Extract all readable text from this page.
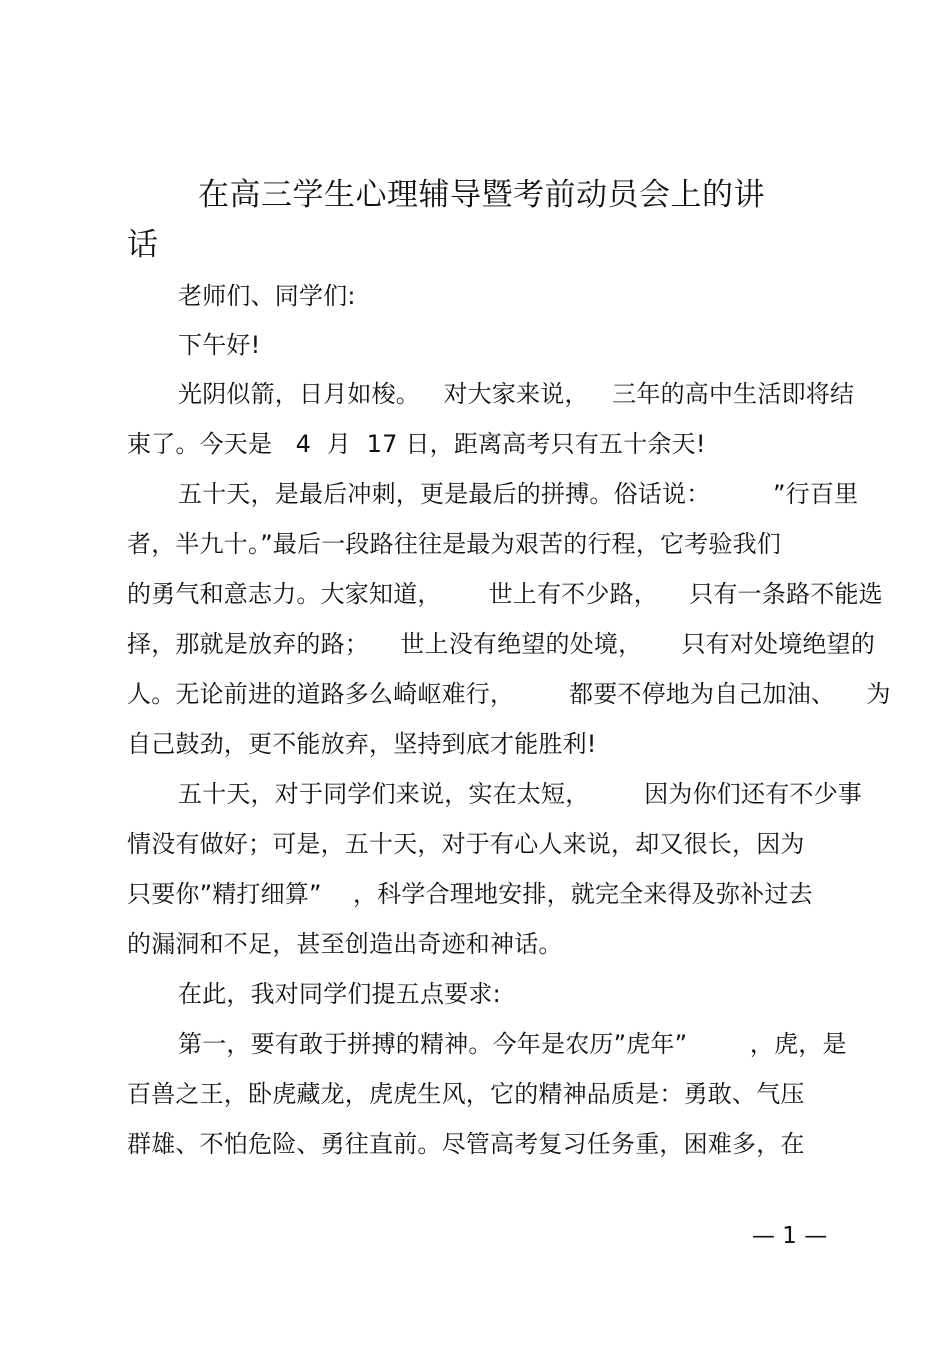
在高三学生心理辅导暨考前动员会上的讲
话
老师们、同学们:
下午好!
光阴似箭，日月如梭。   对大家来说，   三年的高中生活即将结
束了。今天是   4  月  17 日，距离高考只有五十余天!
五十天，是最后冲刺，更是最后的拼搏。俗话说：        ”行百里
者，半九十。”最后一段路往往是最为艰苦的行程，它考验我们
的勇气和意志力。大家知道，      世上有不少路，    只有一条路不能选
择，那就是放弃的路；    世上没有绝望的处境，     只有对处境绝望的
人。无论前进的道路多么崎岖难行，       都要不停地为自己加油、    为
自己鼓劲，更不能放弃，坚持到底才能胜利!
五十天，对于同学们来说，实在太短，       因为你们还有不少事
情没有做好；可是，五十天，对于有心人来说，却又很长，因为
只要你”精打细算”    ，科学合理地安排，就完全来得及弥补过去
的漏洞和不足，甚至创造出奇迹和神话。
在此，我对同学们提五点要求:
第一，要有敢于拼搏的精神。今年是农历”虎年”        ，虎，是
百兽之王，卧虎藏龙，虎虎生风，它的精神品质是：勇敢、气压
群雄、不怕危险、勇往直前。尽管高考复习任务重，困难多，在
— 1 —
